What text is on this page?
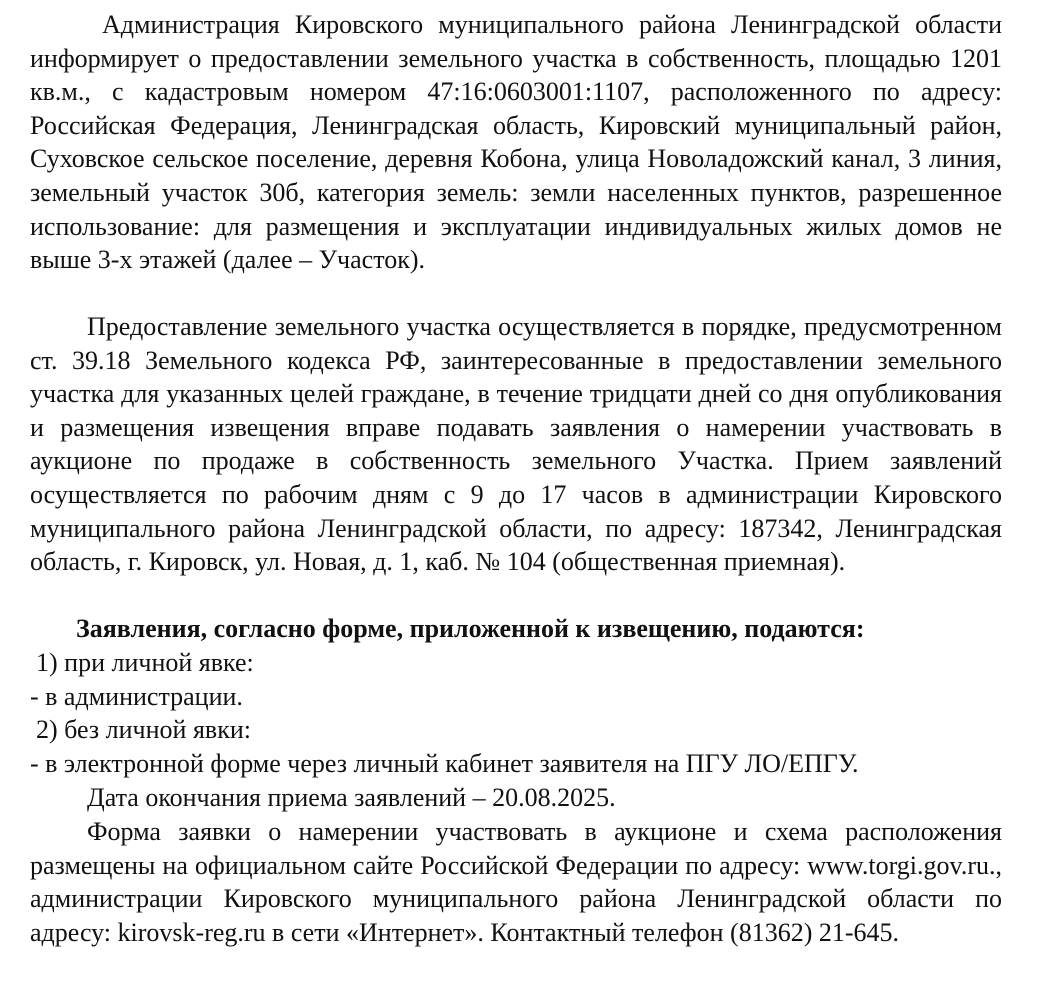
Администрация Кировского муниципального района Ленинградской области информирует о предоставлении земельного участка в собственность, площадью 1201 кв.м., с кадастровым номером 47:16:0603001:1107, расположенного по адресу: Российская Федерация, Ленинградская область, Кировский муниципальный район, Суховское сельское поселение, деревня Кобона, улица Новоладожский канал, 3 линия, земельный участок 30б, категория земель: земли населенных пунктов, разрешенное использование: для размещения и эксплуатации индивидуальных жилых домов не выше 3-х этажей (далее – Участок).

Предоставление земельного участка осуществляется в порядке, предусмотренном ст. 39.18 Земельного кодекса РФ, заинтересованные в предоставлении земельного участка для указанных целей граждане, в течение тридцати дней со дня опубликования и размещения извещения вправе подавать заявления о намерении участвовать в аукционе по продаже в собственность земельного Участка. Прием заявлений осуществляется по рабочим дням с 9 до 17 часов в администрации Кировского муниципального района Ленинградской области, по адресу: 187342, Ленинградская область, г. Кировск, ул. Новая, д. 1, каб. № 104 (общественная приемная).

Заявления, согласно форме, приложенной к извещению, подаются:

1) при личной явке:

- в администрации.

2) без личной явки:

- в электронной форме через личный кабинет заявителя на ПГУ ЛО/ЕПГУ.

Дата окончания приема заявлений – 20.08.2025.

Форма заявки о намерении участвовать в аукционе и схема расположения размещены на официальном сайте Российской Федерации по адресу: www.torgi.gov.ru., администрации Кировского муниципального района Ленинградской области по адресу: kirovsk-reg.ru в сети «Интернет». Контактный телефон (81362) 21-645.
